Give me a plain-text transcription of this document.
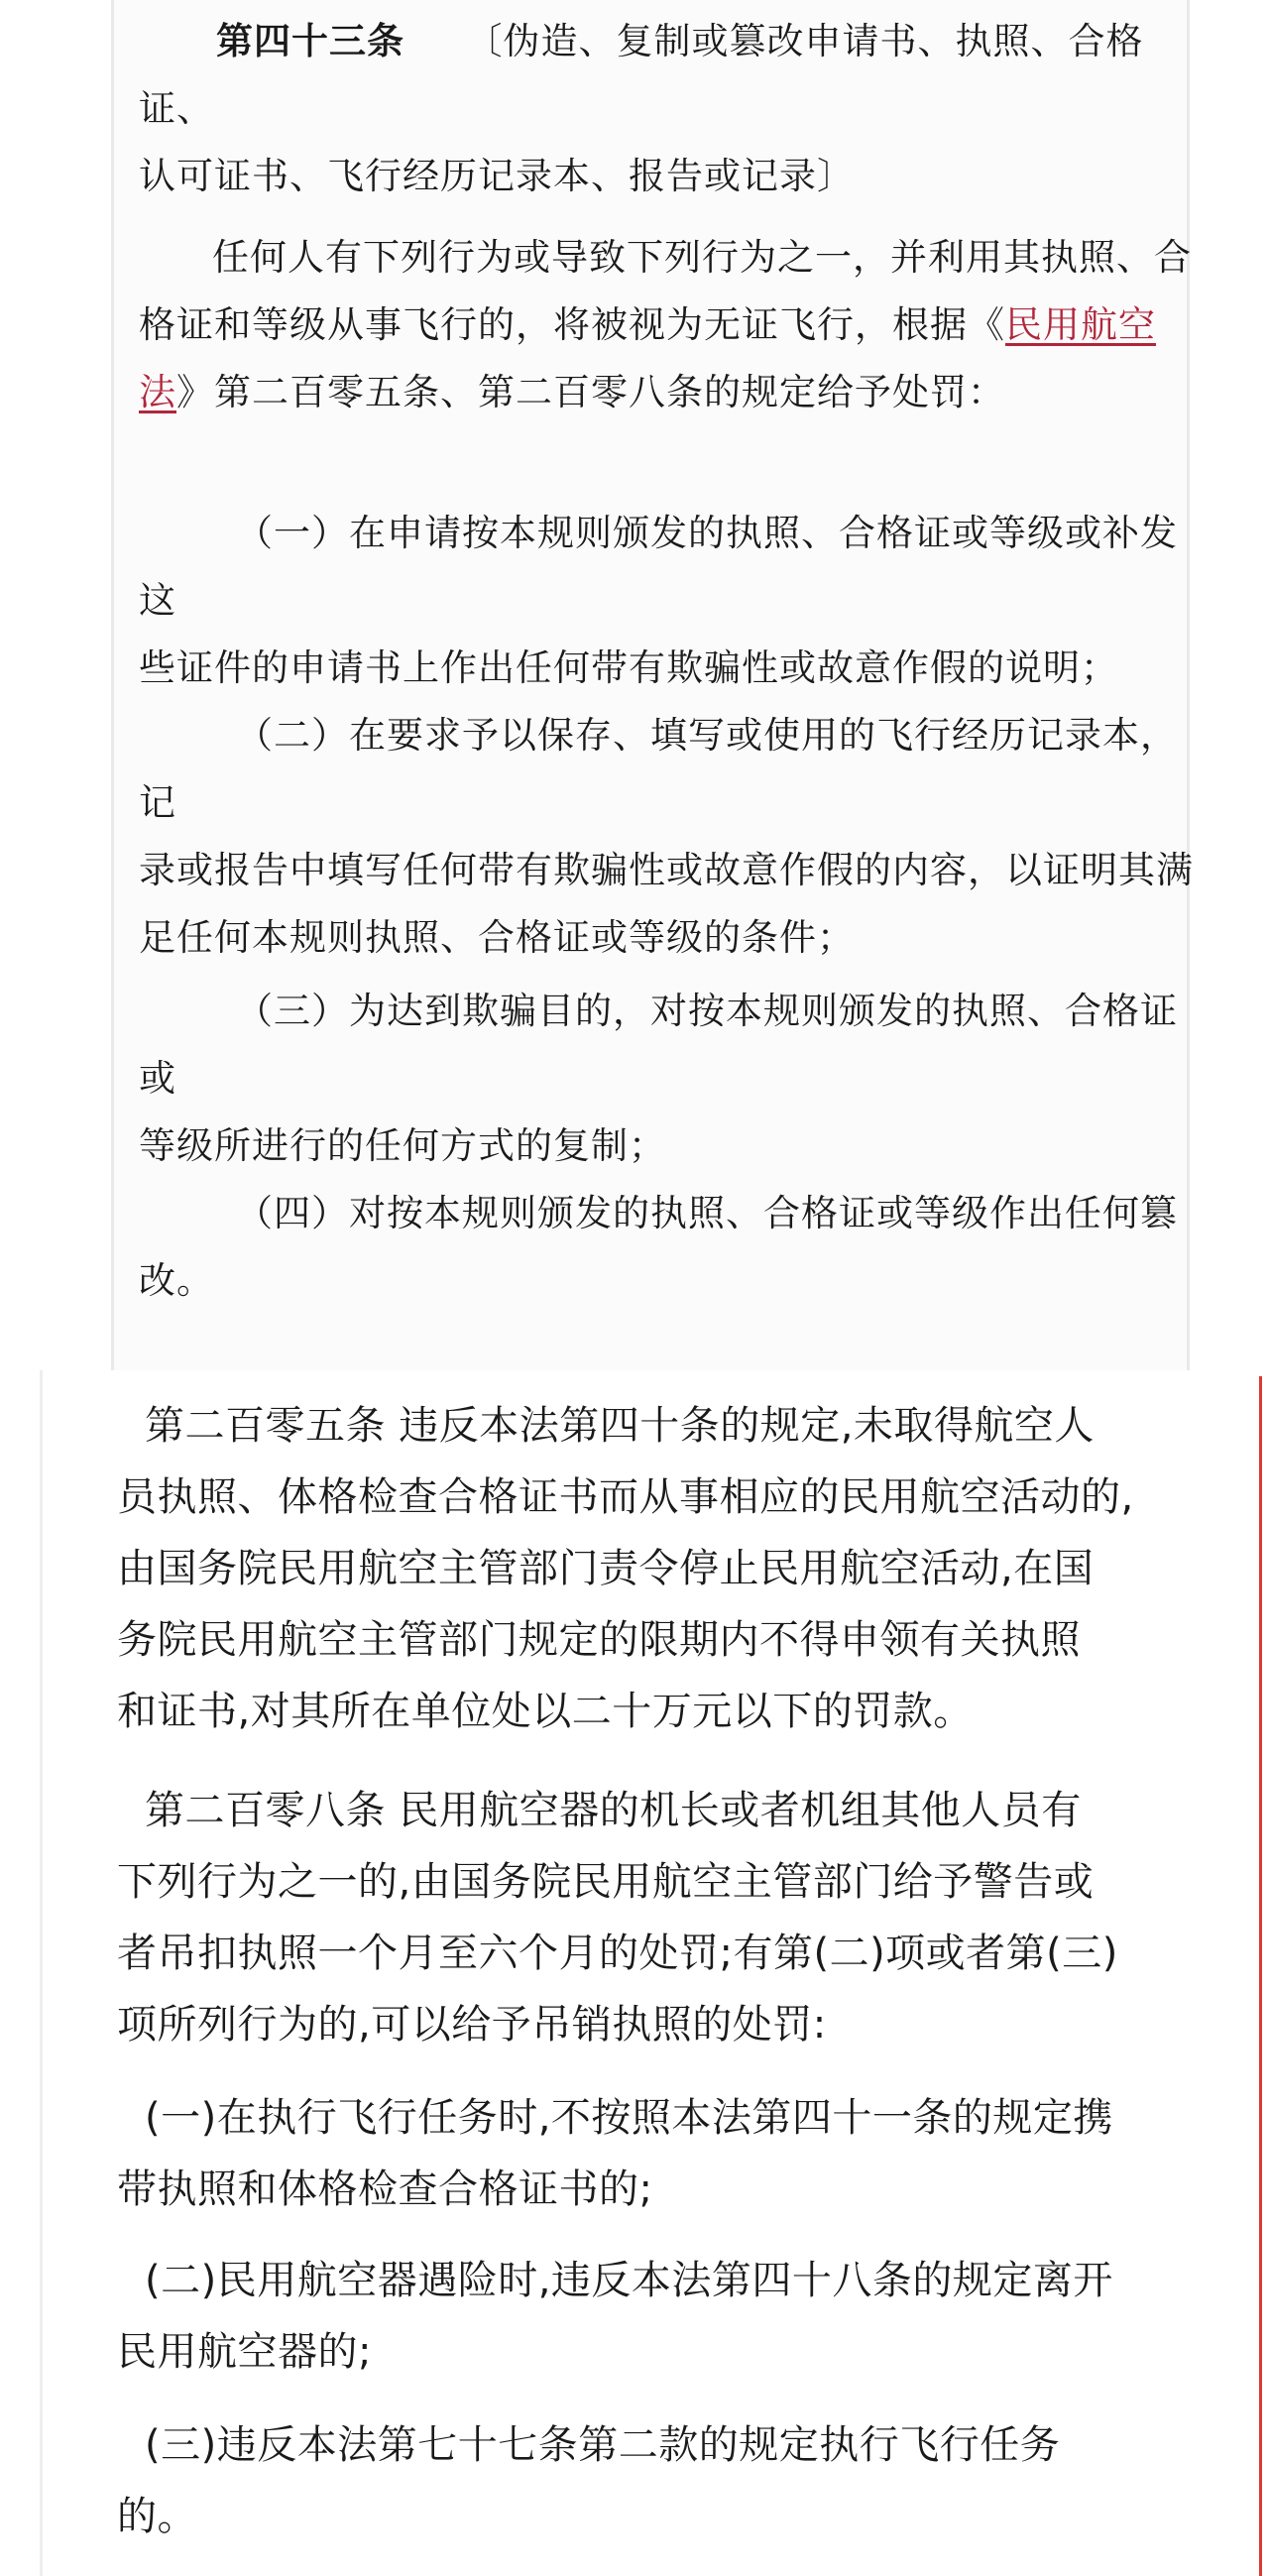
第四十三条 〔伪造、复制或篡改申请书、执照、合格证、

认可证书、飞行经历记录本、报告或记录〕

任何人有下列行为或导致下列行为之一，并利用其执照、合

格证和等级从事飞行的，将被视为无证飞行，根据《民用航空

法》第二百零五条、第二百零八条的规定给予处罚：

（一）在申请按本规则颁发的执照、合格证或等级或补发这

些证件的申请书上作出任何带有欺骗性或故意作假的说明；

（二）在要求予以保存、填写或使用的飞行经历记录本，记

录或报告中填写任何带有欺骗性或故意作假的内容，以证明其满

足任何本规则执照、合格证或等级的条件；

（三）为达到欺骗目的，对按本规则颁发的执照、合格证或

等级所进行的任何方式的复制；

（四）对按本规则颁发的执照、合格证或等级作出任何篡

改。

第二百零五条 违反本法第四十条的规定,未取得航空人

员执照、体格检查合格证书而从事相应的民用航空活动的,

由国务院民用航空主管部门责令停止民用航空活动,在国

务院民用航空主管部门规定的限期内不得申领有关执照

和证书,对其所在单位处以二十万元以下的罚款。

第二百零八条 民用航空器的机长或者机组其他人员有

下列行为之一的,由国务院民用航空主管部门给予警告或

者吊扣执照一个月至六个月的处罚;有第(二)项或者第(三)

项所列行为的,可以给予吊销执照的处罚:

(一)在执行飞行任务时,不按照本法第四十一条的规定携

带执照和体格检查合格证书的;

(二)民用航空器遇险时,违反本法第四十八条的规定离开

民用航空器的;

(三)违反本法第七十七条第二款的规定执行飞行任务

的。
